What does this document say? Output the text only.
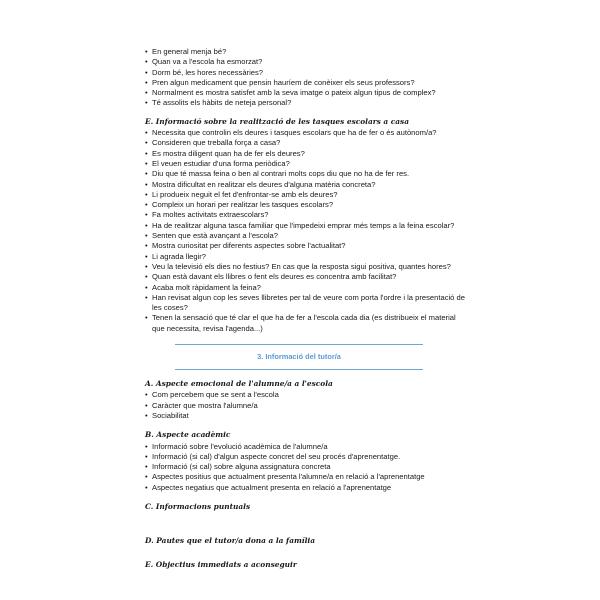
• En general menja bé?
• Quan va a l'escola ha esmorzat?
• Dorm bé, les hores necessàries?
• Pren algun medicament que pensin hauríem de conèixer els seus professors?
• Normalment es mostra satisfet amb la seva imatge o pateix algun tipus de complex?
• Té assolits els hàbits de neteja personal?
E. Informació sobre la realització de les tasques escolars a casa
• Necessita que controlin els deures i tasques escolars que ha de fer o és autònom/a?
• Consideren que treballa força a casa?
• Es mostra diligent quan ha de fer els deures?
• El veuen estudiar d'una forma periòdica?
• Diu que té massa feina o ben al contrari molts cops diu que no ha de fer res.
• Mostra dificultat en realitzar els deures d'alguna matèria concreta?
• Li produeix neguit el fet d'enfrontar-se amb els deures?
• Compleix un horari per realitzar les tasques escolars?
• Fa moltes activitats extraescolars?
• Ha de realitzar alguna tasca familiar que l'impedeixi emprar més temps a la feina escolar?
• Senten que està avançant a l'escola?
• Mostra curiositat per diferents aspectes sobre l'actualitat?
• Li agrada llegir?
• Veu la televisió els dies no festius? En cas que la resposta sigui positiva, quantes hores?
• Quan està davant els llibres o fent els deures es concentra amb facilitat?
• Acaba molt ràpidament la feina?
• Han revisat algun cop les seves llibretes per tal de veure com porta l'ordre i la presentació de les coses?
• Tenen la sensació que té clar el que ha de fer a l'escola cada dia (es distribueix el material que necessita, revisa l'agenda...)
3. Informació del tutor/a
A. Aspecte emocional de l'alumne/a a l'escola
• Com percebem que se sent a l'escola
• Caràcter que mostra l'alumne/a
• Sociabilitat
B. Aspecte acadèmic
• Informació sobre l'evolució acadèmica de l'alumne/a
• Informació (si cal) d'algun aspecte concret del seu procés d'aprenentatge.
• Informació (si cal) sobre alguna assignatura concreta
• Aspectes positius que actualment presenta l'alumne/a en relació a l'aprenentatge
• Aspectes negatius que actualment presenta en relació a l'aprenentatge
C. Informacions puntuals
D. Pautes que el tutor/a dona a la família
E. Objectius immediats a aconseguir
